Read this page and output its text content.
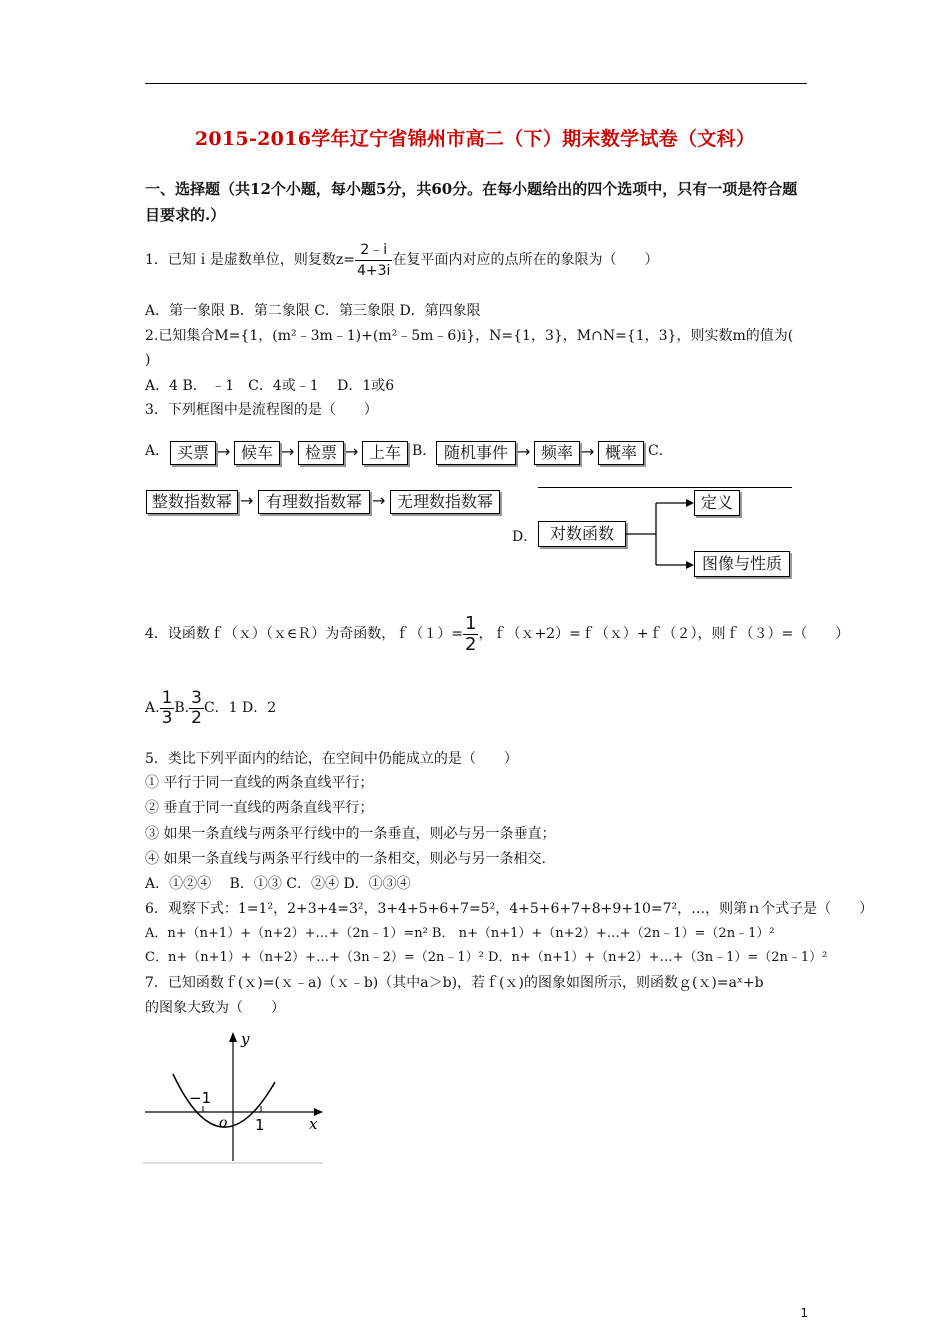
2015-2016学年辽宁省锦州市高二（下）期末数学试卷（文科）
一、选择题（共12个小题，每小题5分，共60分。在每小题给出的四个选项中，只有一项是符合题目要求的.）
1．已知ｉ是虚数单位，则复数$z= \frac{2﹣i}{4+3i}$ 在复平面内对应的点所在的象限为（　　）
A．第一象限 B．第二象限 C．第三象限 D．第四象限
2.已知集合M={1，(m²﹣3m﹣1)+(m²﹣5m﹣6)i}，N={1，3}，M∩N={1，3}，则实数m的值为(
)
A．4 B． ﹣1　C．4或﹣1　 D．1或6
3．下列框图中是流程图的是（　　）
A． 买票 → 候车 → 检票 → 上车 B． 随机事件 → 频率 → 概率 C．
整数指数幂 → 有理数指数幂 → 无理数指数幂
D． 对数函数
定义
图像与性质
4．设函数ｆ（ｘ）（ｘ∈Ｒ）为奇函数，ｆ（１）= $\frac{1}{2}$ ，ｆ（ｘ+2）=ｆ（ｘ）+ｆ（２），则ｆ（３）=（　　）
A. $\frac{1}{3} B$. $\frac{3}{2}$ C．1 D．2
5．类比下列平面内的结论，在空间中仍能成立的是（　　）
① 平行于同一直线的两条直线平行；
② 垂直于同一直线的两条直线平行；
③ 如果一条直线与两条平行线中的一条垂直，则必与另一条垂直；
④ 如果一条直线与两条平行线中的一条相交，则必与另一条相交.
A．①②④　 B．①③ C．②④ D．①③④
6．观察下式：1=1²，2+3+4=3²，3+4+5+6+7=5²，4+5+6+7+8+9+10=7²，…，则第ｎ个式子是（　　）
A．n+（n+1）+（n+2）+…+（2n﹣1）=n² B． n+（n+1）+（n+2）+…+（2n﹣1）=（2n﹣1）²
C．n+（n+1）+（n+2）+…+（3n﹣2）=（2n﹣1）² D．n+（n+1）+（n+2）+…+（3n﹣1）=（2n﹣1）²
7．已知函数ｆ(ｘ)=(ｘ﹣a)（ｘ﹣b)（其中a＞b)，若ｆ(ｘ)的图象如图所示，则函数ｇ(ｘ)=aˣ+b
的图象大致为（　　）
y
x
o
−1
1
1
